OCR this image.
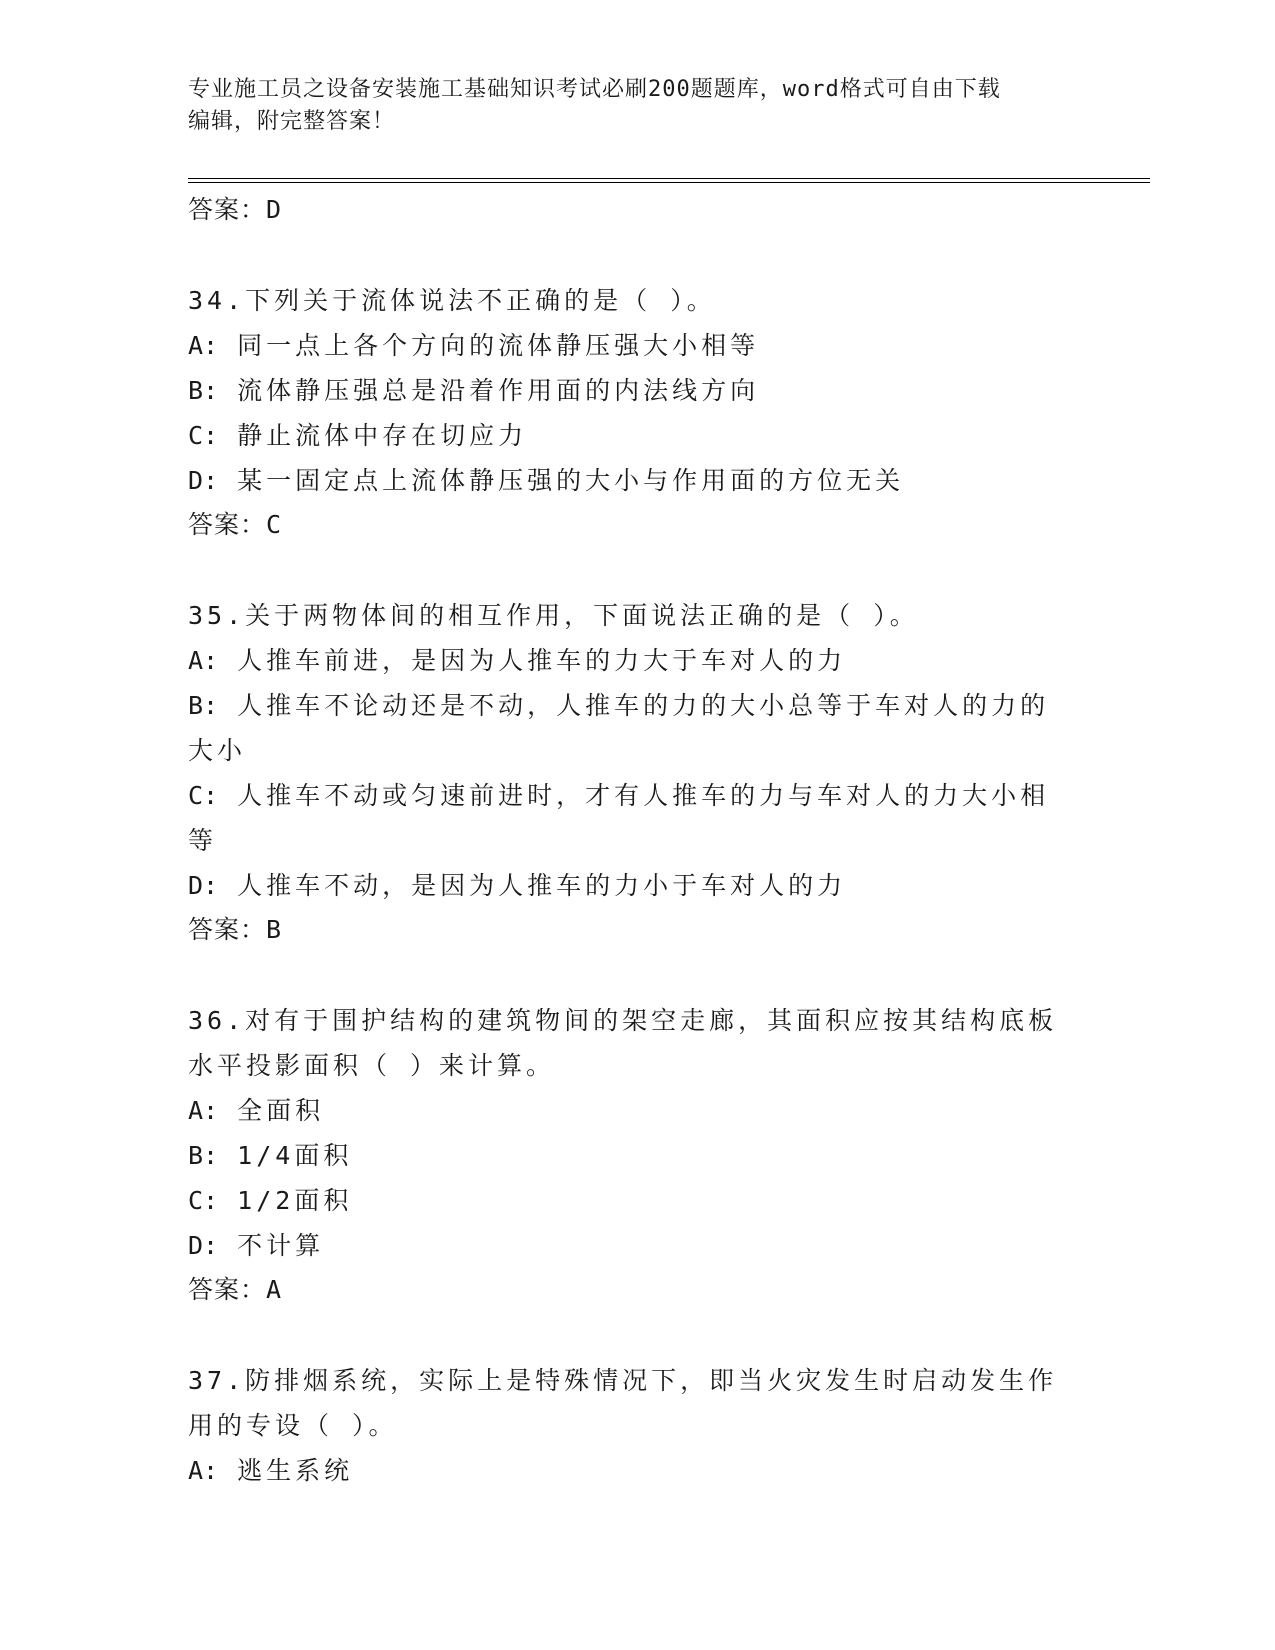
专业施工员之设备安装施工基础知识考试必刷200题题库，word格式可自由下载
编辑，附完整答案！
答案：D
34.下列关于流体说法不正确的是（ ）。
A: 同一点上各个方向的流体静压强大小相等
B: 流体静压强总是沿着作用面的内法线方向
C: 静止流体中存在切应力
D: 某一固定点上流体静压强的大小与作用面的方位无关
答案：C
35.关于两物体间的相互作用，下面说法正确的是（ ）。
A: 人推车前进，是因为人推车的力大于车对人的力
B: 人推车不论动还是不动，人推车的力的大小总等于车对人的力的大小
C: 人推车不动或匀速前进时，才有人推车的力与车对人的力大小相等
D: 人推车不动，是因为人推车的力小于车对人的力
答案：B
36.对有于围护结构的建筑物间的架空走廊，其面积应按其结构底板水平投影面积（ ）来计算。
A: 全面积
B: 1/4面积
C: 1/2面积
D: 不计算
答案：A
37.防排烟系统，实际上是特殊情况下，即当火灾发生时启动发生作用的专设（ ）。
A: 逃生系统
